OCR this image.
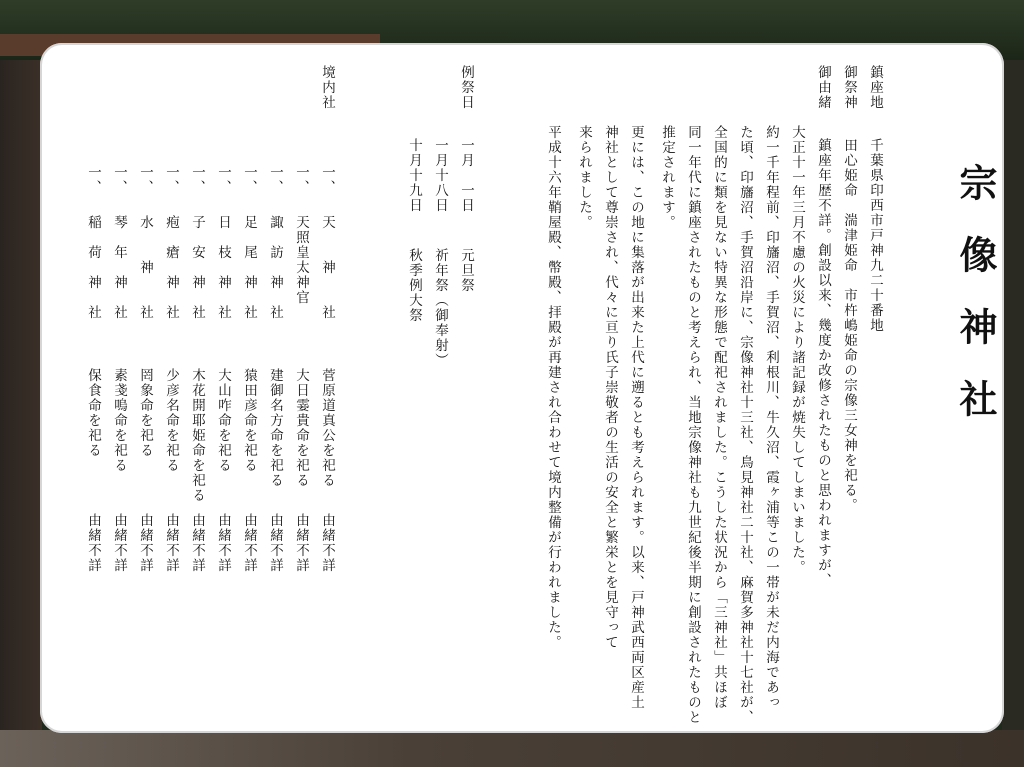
宗像神社
鎮座地
御祭神
御由緒
千葉県印西市戸神九二十番地
田心姫命　湍津姫命　市杵嶋姫命の宗像三女神を祀る。
鎮座年歴不詳。創設以来、幾度か改修されたものと思われますが、
大正十一年三月不慮の火災により諸記録が焼失してしまいました。
約一千年程前、印旛沼、手賀沼、利根川、牛久沼、霞ヶ浦等この一帯が未だ内海であっ
た頃、印旛沼、手賀沼沿岸に、宗像神社十三社、鳥見神社二十社、麻賀多神社十七社が、
全国的に類を見ない特異な形態で配祀されました。こうした状況から「三神社」共ほぼ
同一年代に鎮座されたものと考えられ、当地宗像神社も九世紀後半期に創設されたものと
推定されます。
更には、この地に集落が出来た上代に遡るとも考えられます。以来、戸神武西両区産土
神社として尊崇され、代々に亘り氏子崇敬者の生活の安全と繁栄とを見守って
来られました。
平成十六年鞘屋殿、幣殿、拝殿が再建され合わせて境内整備が行われました。
例祭日
一月　一日
元旦祭
一月十八日
祈年祭（御奉射）
十月十九日
秋季例大祭
境内社
一、
天　　神　　社
菅原道真公を祀る
由緒不詳
一、
天照皇太神官
大日霎貴命を祀る
由緒不詳
一、
諏　訪　神　社
建御名方命を祀る
由緒不詳
一、
足　尾　神　社
猿田彦命を祀る
由緒不詳
一、
日　枝　神　社
大山咋命を祀る
由緒不詳
一、
子　安　神　社
木花開耶姫命を祀る
由緒不詳
一、
疱　瘡　神　社
少彦名命を祀る
由緒不詳
一、
水　　神　　社
罔象命を祀る
由緒不詳
一、
琴　年　神　社
素戔嗚命を祀る
由緒不詳
一、
稲　荷　神　社
保食命を祀る
由緒不詳
